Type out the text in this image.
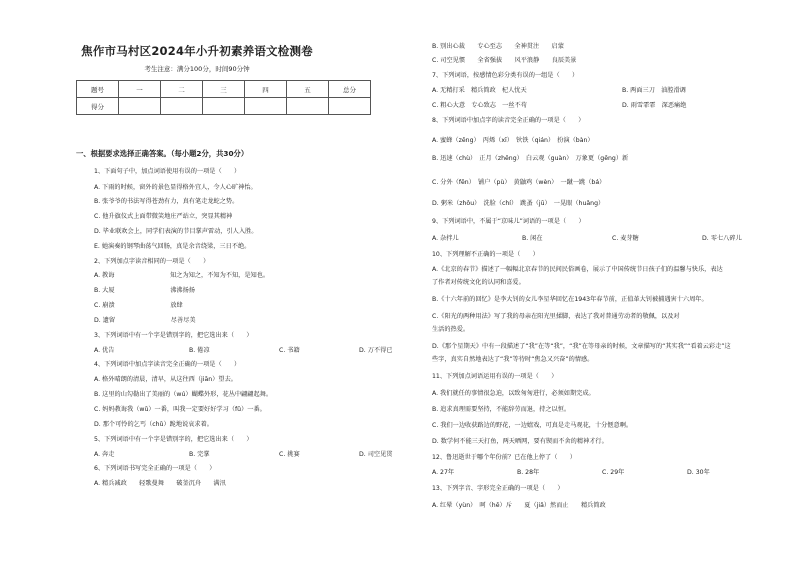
焦作市马村区2024年小升初素养语文检测卷
考生注意：满分100分，时间90分钟
题号	一	二	三	四	五	总分
得分						
一、根据要求选择正确答案。（每小题2分，共30分）
1、下面句子中，加点词语使用有误的一项是（　　）
A. 下雨的时候，窗外的景色显得格外宜人，令人心旷神怡。
B. 张爷爷的书法写得苍劲有力，真有笔走龙蛇之势。
C. 他升旗仪式上面带微笑地庄严站立，突显其精神
D. 毕业联欢会上，同学们表演的节目掌声雷动，引人入胜。
E. 她演奏的钢琴曲荡气回肠，真是余音绕梁，三日不绝。
2、下列加点字读音相同的一项是（　　）
A. 教诲　　　　　　　　　知之为知之，不知为不知，是知也。
B. 大厦　　　　　　　　　沸沸扬扬
C. 崩溃　　　　　　　　　放肆
D. 遗留　　　　　　　　　尽善尽美
3、下列词语中有一个字是错别字的，把它选出来（　　）
A. 优告	B. 倦凉	C. 书籍	D. 万不得已
4、下列词语中加点字读音完全正确的一项是（　　）
A. 格外晴朗的清晨，清早，从这往西（jiān）望去。
B. 这里的山勾勒出了美丽的（wú）蝴蝶外形，花丛中翩翩起舞。
C. 妈妈教诲我（wǔ）一番，叫我一定要好好学习（fǔ）一番。
D. 那个可怜的乞丐（chǔ）跪地说哀求着。
5、下列词语中有一个字是错别字的，把它选出来（　　）
A. 奔走	B. 完掌	C. 挑赛	D. 司空见贯
6、下列词语书写完全正确的一项是（　　）
A. 精兵减政　　轻歌曼舞　　破釜沉舟　　满汛
B. 别出心裁　　专心至志　　全神贯注　　启蒙
C. 司空见惯　　全省强拔　　风平浪静　　良辰美景
7、下列词语，按感情色彩分类有误的一组是（　　）
A. 无精打采　精兵简政　杞人忧天	B. 两面三刀　油腔滑调
C. 粗心大意　专心致志　一丝不苟	D. 雨雪霏霏　深恶痛绝
8、下列词语中加点字的读音完全正确的一项是（　　）
A. 蜜蜂（zēng）　丙烯（xī）　钬铁（qián）　扮演（bàn）
B. 迅速（chù）　正月（zhēng）　白云观（guàn）　万象更（gēng）新
C. 分外（fēn）　铺户（pù）　黄鼬鸡（wèn）　一蹴一跳（bá）
D. 粥米（zhǒu）　洗脸（chí）　跳蚤（jū）　一晃眼（huǎng）
9、下列词语中，不属于“京味儿”词语的一项是（　　）
A. 杂拌儿	B. 闲在	C. 麦芽糖	D. 零七八碎儿
10、下列理解不正确的一项是（　　）
A.《北京的春节》描述了一幅幅北京春节的民间民俗画卷，展示了中国传统节日孩子们的温馨与快乐，表达
了作者对传统文化的认同和喜爱。
B.《十六年前的回忆》是李大钊的女儿李星华回忆在1943年春节前，正值革大钊被捕遇害十六周年。
C.《阳光的两种用法》写了我的母亲在阳光里揉脚，表达了我对普通劳动者的敬佩，以及对
生活的热爱。
D.《那个星期天》中有一段描述了“我”在等“我”，“我”在等母亲的时候，文章描写的“其实我”“看着云彩走”这
些字，真实自然地表达了“我”等待时“焦急又兴奋”的情感。
11、下列加点词语运用有误的一项是（　　）
A. 我们就任的事情很急迫，以致匆匆进行，必须如期完成。
B. 追求真理需要坚持，不能辞劳而退，持之以恒。
C. 我们一边收获路边的野花，一边嬉戏，可真是走马观花，十分惬意啊。
D. 数学何不能三天打鱼，两天晒网，要有锲而不舍的精神才行。
12、鲁迅逝世于哪个年份前？已在他上停了（　　）
A. 27年	B. 28年	C. 29年	D. 30年
13、下列字音、字形完全正确的一项是（　　）
A. 红晕（yùn）　呵（hē）斥　　夏（jiǎ）然而止　　精兵简政
